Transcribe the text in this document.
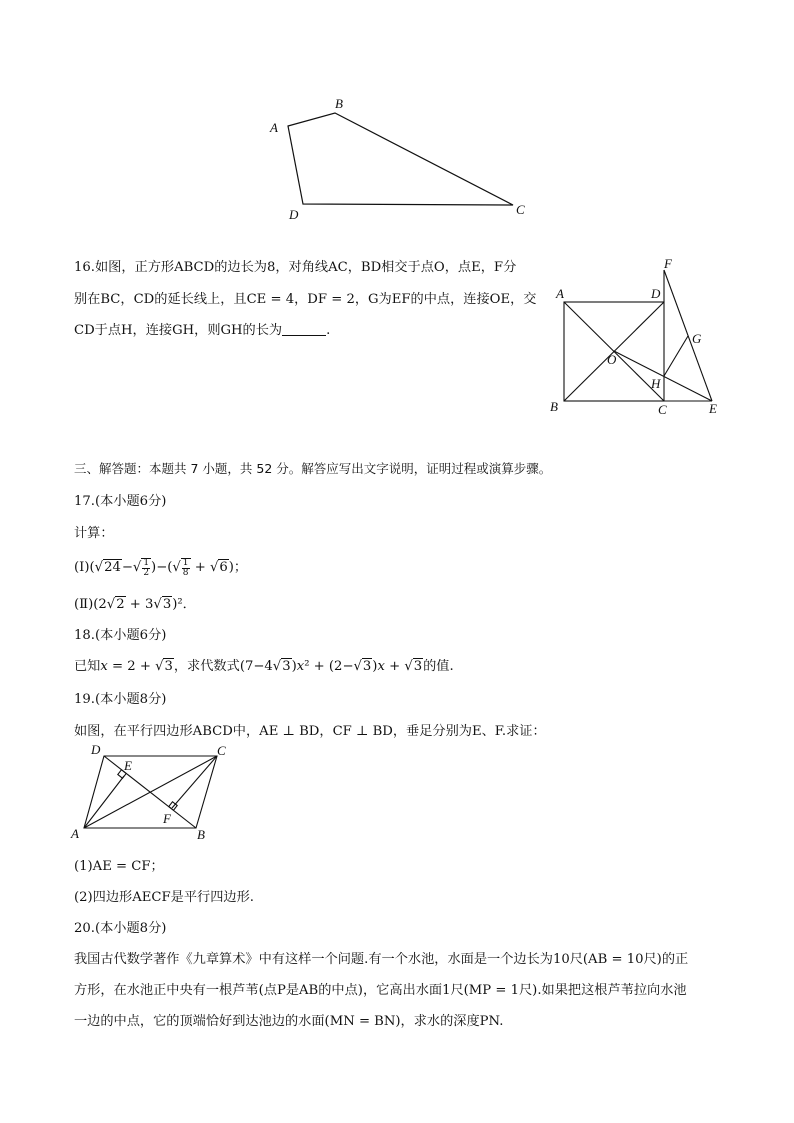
A
B
C
D
A
B	C
D
E
F
G
H
O
A	B
C
D
E
F
16.如图，正方形ABCD的边长为8，对角线AC，BD相交于点O，点E，F分
别在BC，CD的延长线上，且CE = 4，DF = 2，G为EF的中点，连接OE，交
CD于点H，连接GH，则GH的长为	.
三、解答题：本题共 7 小题，共 52 分。解答应写出文字说明，证明过程或演算步骤。
17.(本小题6分)
计算：
(Ⅰ)(√24−√ $\frac{1}{2}$ )−(√ $\frac{1}{8} + √6$)；
(Ⅱ)(2√2 + 3√3)²．
18.(本小题6分)
已知x = 2 + √3，求代数式(7−4√3)x² + (2−√3)x + √3的值.
19.(本小题8分)
如图，在平行四边形ABCD中，AE ⊥ BD，CF ⊥ BD，垂足分别为E、F.求证：
(1)AE = CF；
(2)四边形AECF是平行四边形.
20.(本小题8分)
我国古代数学著作《九章算术》中有这样一个问题.有一个水池，水面是一个边长为10尺(AB = 10尺)的正
方形，在水池正中央有一根芦苇(点P是AB的中点)，它高出水面1尺(MP = 1尺).如果把这根芦苇拉向水池
一边的中点，它的顶端恰好到达池边的水面(MN = BN)，求水的深度PN.
